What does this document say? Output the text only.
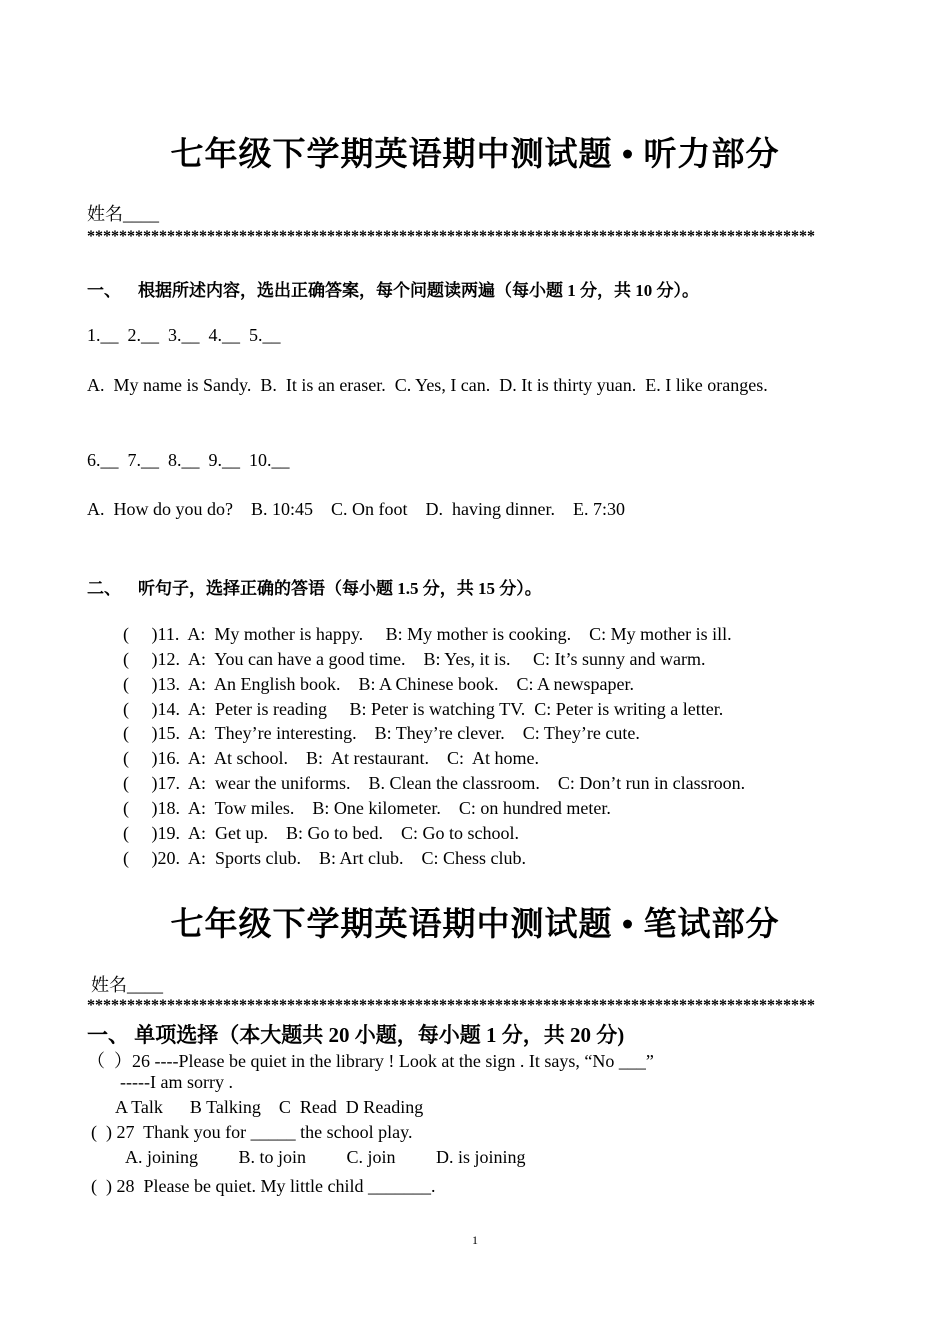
七年级下学期英语期中测试题 • 听力部分
姓名____
*******************************************************************************************
一、    根据所述内容，选出正确答案，每个问题读两遍（每小题 1 分，共 10 分）。
1.__  2.__  3.__  4.__  5.__
A.  My name is Sandy.  B.  It is an eraser.  C. Yes, I can.  D. It is thirty yuan.  E. I like oranges.
6.__  7.__  8.__  9.__  10.__
A.  How do you do?    B. 10:45    C. On foot    D.  having dinner.    E. 7:30
二、    听句子，选择正确的答语（每小题 1.5 分，共 15 分）。
(     )11.  A:  My mother is happy.     B: My mother is cooking.    C: My mother is ill.
(     )12.  A:  You can have a good time.    B: Yes, it is.     C: It’s sunny and warm.
(     )13.  A:  An English book.    B: A Chinese book.    C: A newspaper.
(     )14.  A:  Peter is reading     B: Peter is watching TV.  C: Peter is writing a letter.
(     )15.  A:  They’re interesting.    B: They’re clever.    C: They’re cute.
(     )16.  A:  At school.    B:  At restaurant.    C:  At home.
(     )17.  A:  wear the uniforms.    B. Clean the classroom.    C: Don’t run in classroon.
(     )18.  A:  Tow miles.    B: One kilometer.    C: on hundred meter.
(     )19.  A:  Get up.    B: Go to bed.    C: Go to school.
(     )20.  A:  Sports club.    B: Art club.    C: Chess club.
七年级下学期英语期中测试题 • 笔试部分
姓名____
*******************************************************************************************
一、 单项选择（本大题共 20 小题，每小题 1 分，共 20 分)
（  ）26 ----Please be quiet in the library ! Look at the sign . It says, “No ___”
-----I am sorry .
A Talk      B Talking    C  Read  D Reading
(  ) 27  Thank you for _____ the school play.
A. joining         B. to join         C. join         D. is joining
(  ) 28  Please be quiet. My little child _______.
1
